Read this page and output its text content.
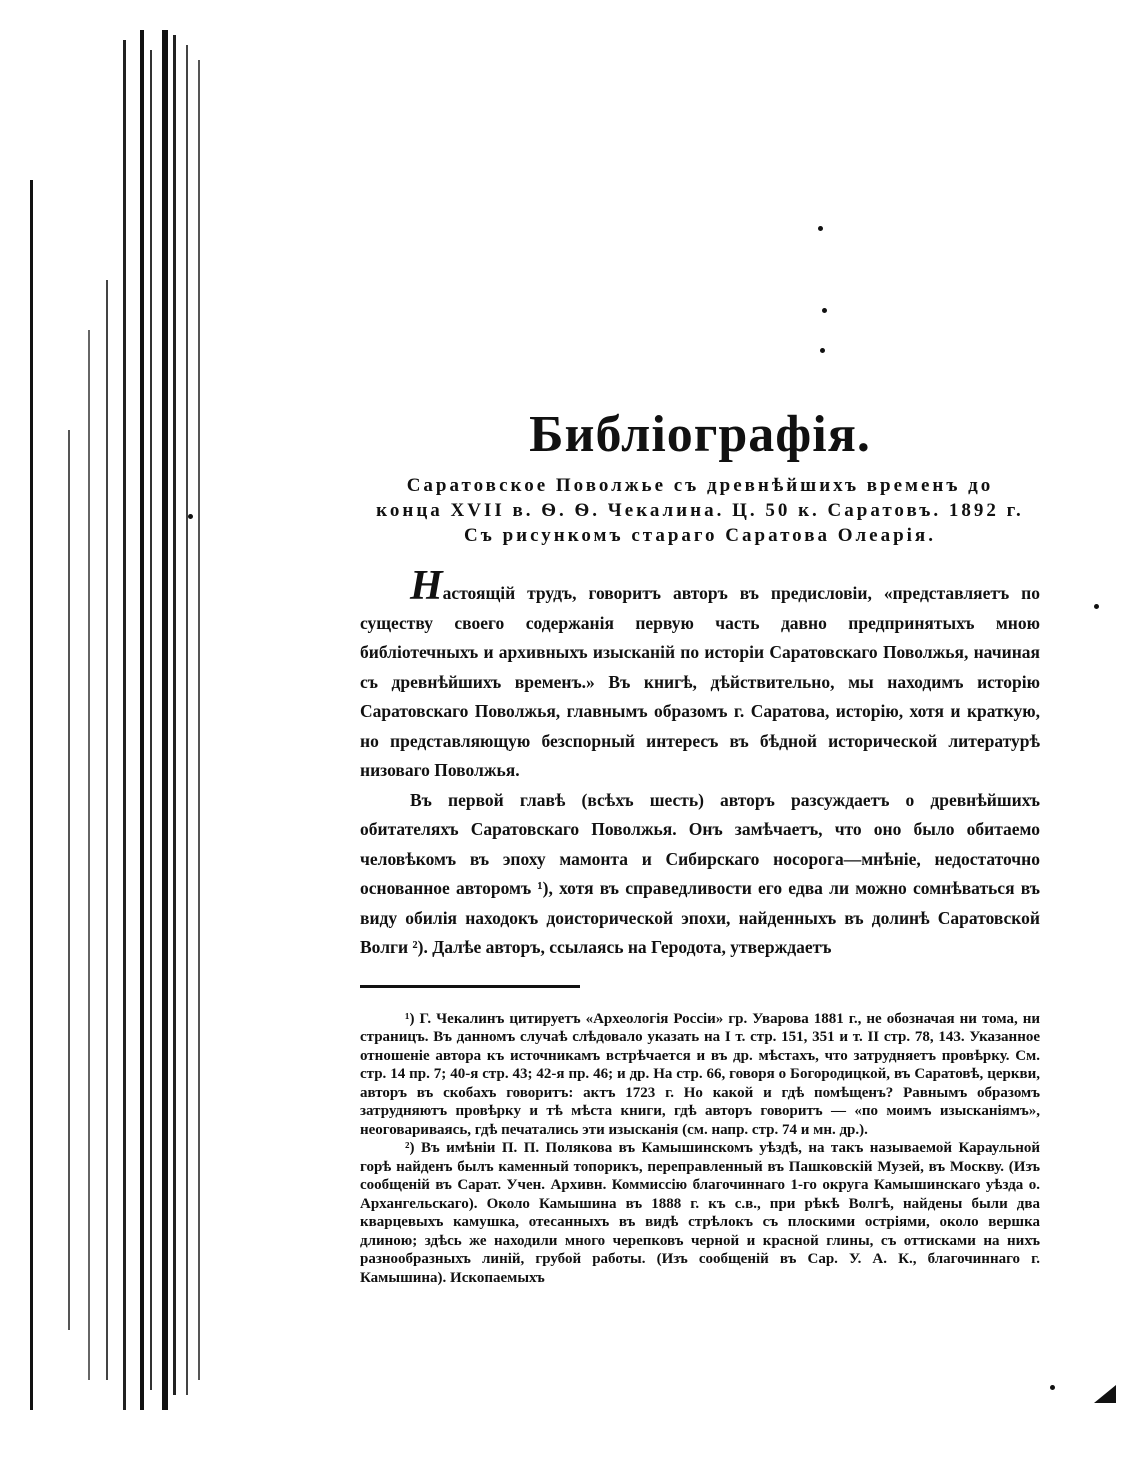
Библіографія.
Саратовское Поволжье съ древнѣйшихъ временъ до
конца XVII в. Ѳ. Ѳ. Чекалина. Ц. 50 к. Саратовъ. 1892 г.
Съ рисункомъ стараго Саратова Олеарія.

Настоящій трудъ, говоритъ авторъ въ предисловіи, «представляетъ по существу своего содержанія первую часть давно предпринятыхъ мною библіотечныхъ и архивныхъ изысканій по исторіи Саратовскаго Поволжья, начиная съ древнѣйшихъ временъ.» Въ книгѣ, дѣйствительно, мы находимъ исторію Саратовскаго Поволжья, главнымъ образомъ г. Саратова, исторію, хотя и краткую, но представляющую безспорный интересъ въ бѣдной исторической литературѣ низоваго Поволжья.

Въ первой главѣ (всѣхъ шесть) авторъ разсуждаетъ о древнѣйшихъ обитателяхъ Саратовскаго Поволжья. Онъ замѣчаетъ, что оно было обитаемо человѣкомъ въ эпоху мамонта и Сибирскаго носорога—мнѣніе, недостаточно основанное авторомъ ¹), хотя въ справедливости его едва ли можно сомнѣваться въ виду обилія находокъ доисторической эпохи, найденныхъ въ долинѣ Саратовской Волги ²). Далѣе авторъ, ссылаясь на Геродота, утверждаетъ

¹) Г. Чекалинъ цитируетъ «Археологія Россіи» гр. Уварова 1881 г., не обозначая ни тома, ни страницъ. Въ данномъ случаѣ слѣдовало указать на I т. стр. 151, 351 и т. II стр. 78, 143. Указанное отношеніе автора къ источникамъ встрѣчается и въ др. мѣстахъ, что затрудняетъ провѣрку. См. стр. 14 пр. 7; 40-я стр. 43; 42-я пр. 46; и др. На стр. 66, говоря о Богородицкой, въ Саратовѣ, церкви, авторъ въ скобахъ говоритъ: актъ 1723 г. Но какой и гдѣ помѣщенъ? Равнымъ образомъ затрудняютъ провѣрку и тѣ мѣста книги, гдѣ авторъ говоритъ — «по моимъ изысканіямъ», неоговариваясь, гдѣ печатались эти изысканія (см. напр. стр. 74 и мн. др.).

²) Въ имѣніи П. П. Полякова въ Камышинскомъ уѣздѣ, на такъ называемой Караульной горѣ найденъ былъ каменный топорикъ, переправленный въ Пашковскій Музей, въ Москву. (Изъ сообщеній въ Сарат. Учен. Архивн. Коммиссію благочиннаго 1-го округа Камышинскаго уѣзда о. Архангельскаго). Около Камышина въ 1888 г. къ с.в., при рѣкѣ Волгѣ, найдены были два кварцевыхъ камушка, отесанныхъ въ видѣ стрѣлокъ съ плоскими остріями, около вершка длиною; здѣсь же находили много черепковъ черной и красной глины, съ оттисками на нихъ разнообразныхъ линій, грубой работы. (Изъ сообщеній въ Сар. У. А. К., благочиннаго г. Камышина). Ископаемыхъ
